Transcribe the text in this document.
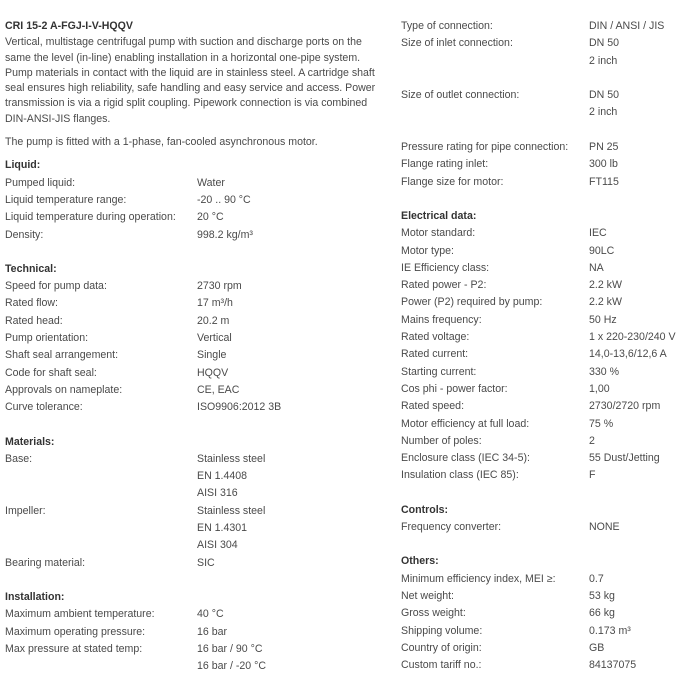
CRI 15-2 A-FGJ-I-V-HQQV

Vertical, multistage centrifugal pump with suction and discharge ports on the same the level (in-line) enabling installation in a horizontal one-pipe system. Pump materials in contact with the liquid are in stainless steel. A cartridge shaft seal ensures high reliability, safe handling and easy service and access. Power transmission is via a rigid split coupling. Pipework connection is via combined DIN-ANSI-JIS flanges.

The pump is fitted with a 1-phase, fan-cooled asynchronous motor.

Liquid:
Pumped liquid:	Water
Liquid temperature range:	-20 .. 90 °C
Liquid temperature during operation:	20 °C
Density:	998.2 kg/m³
Technical:
Speed for pump data:	2730 rpm
Rated flow:	17 m³/h
Rated head:	20.2 m
Pump orientation:	Vertical
Shaft seal arrangement:	Single
Code for shaft seal:	HQQV
Approvals on nameplate:	CE, EAC
Curve tolerance:	ISO9906:2012 3B
Materials:
Base:	Stainless steel
EN 1.4408
AISI 316
Impeller:	Stainless steel
EN 1.4301
AISI 304
Bearing material:	SIC
Installation:
Maximum ambient temperature:	40 °C
Maximum operating pressure:	16 bar
Max pressure at stated temp:	16 bar / 90 °C
16 bar / -20 °C
Type of connection:	DIN / ANSI / JIS
Size of inlet connection:	DN 50
2 inch

Size of outlet connection:	DN 50
2 inch

Pressure rating for pipe connection:	PN 25
Flange rating inlet:	300 lb
Flange size for motor:	FT115
Electrical data:
Motor standard:	IEC
Motor type:	90LC
IE Efficiency class:	NA
Rated power - P2:	2.2 kW
Power (P2) required by pump:	2.2 kW
Mains frequency:	50 Hz
Rated voltage:	1 x 220-230/240 V
Rated current:	14,0-13,6/12,6 A
Starting current:	330 %
Cos phi - power factor:	1,00
Rated speed:	2730/2720 rpm
Motor efficiency at full load:	75 %
Number of poles:	2
Enclosure class (IEC 34-5):	55 Dust/Jetting
Insulation class (IEC 85):	F
Controls:
Frequency converter:	NONE
Others:
Minimum efficiency index, MEI ≥:	0.7
Net weight:	53 kg
Gross weight:	66 kg
Shipping volume:	0.173 m³
Country of origin:	GB
Custom tariff no.:	84137075
